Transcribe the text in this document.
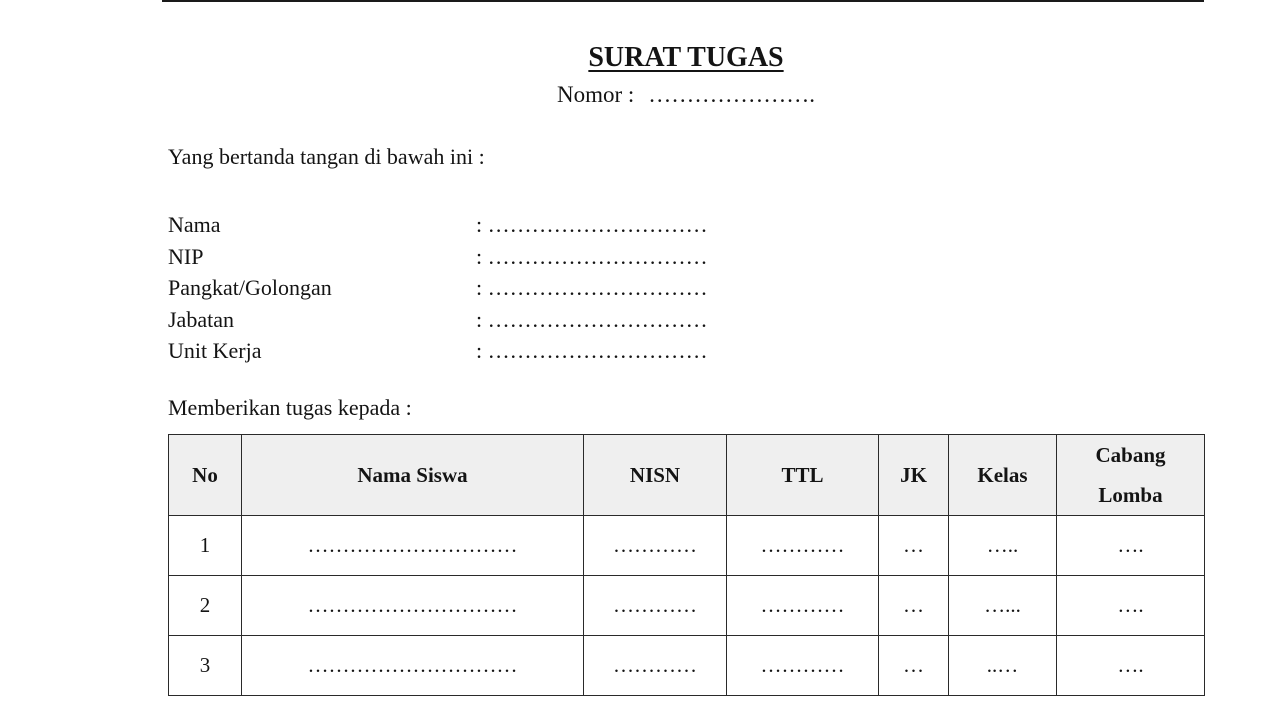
SURAT TUGAS
Nomor : ………………….
Yang bertanda tangan di bawah ini :
Nama	: …………………………
NIP	: …………………………
Pangkat/Golongan	: …………………………
Jabatan	: …………………………
Unit Kerja	: …………………………
Memberikan tugas kepada :
No	Nama Siswa	NISN	TTL	JK	Kelas	Cabang
Lomba

1	…………………………	…………	…………	…	…..	….
2	…………………………	…………	…………	…	…...	….
3	…………………………	…………	…………	…	..…	….
